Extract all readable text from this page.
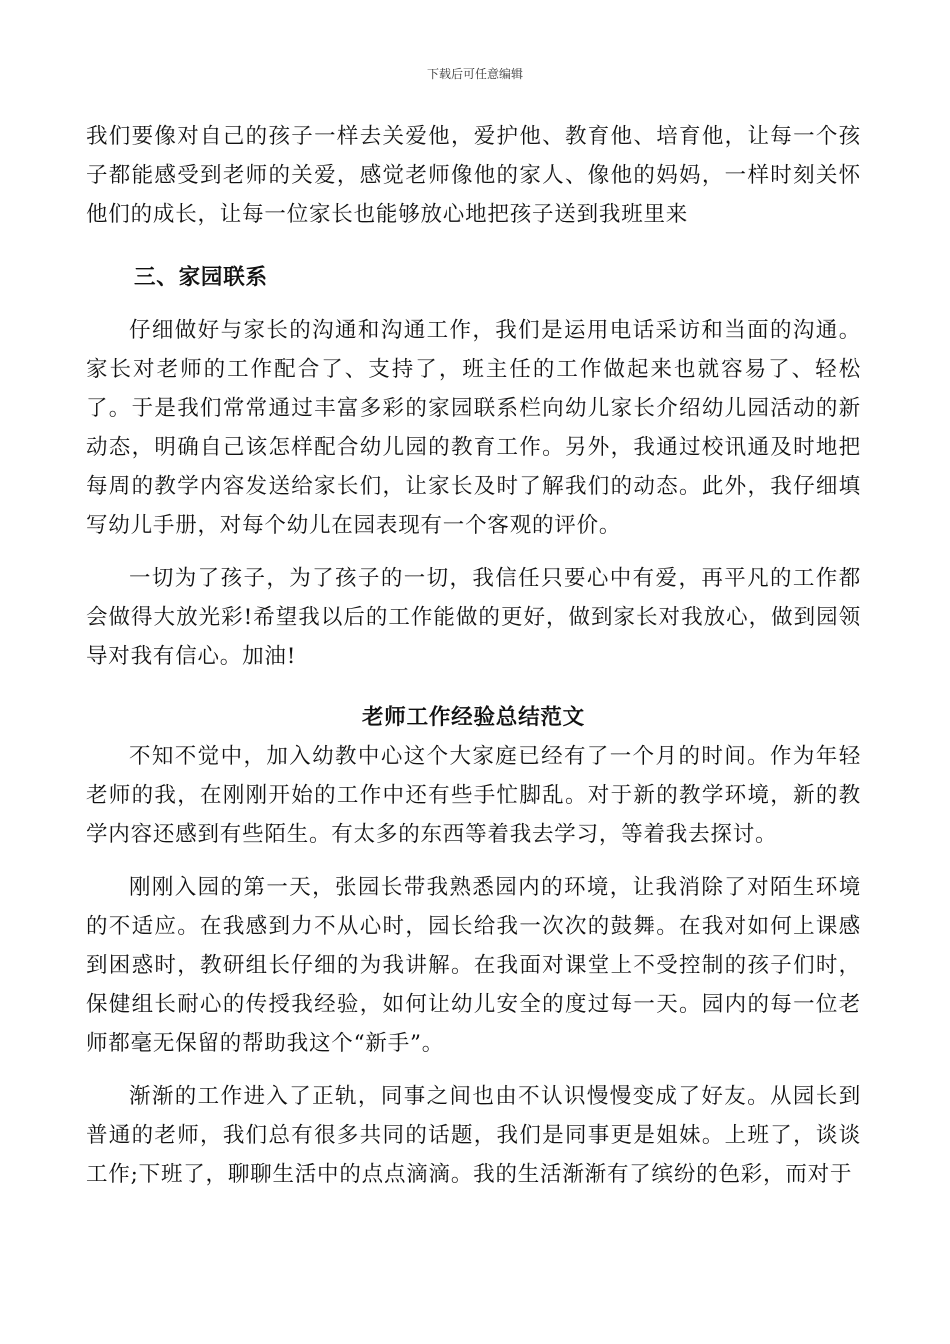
下载后可任意编辑

我们要像对自己的孩子一样去关爱他，爱护他、教育他、培育他，让每一个孩子都能感受到老师的关爱，感觉老师像他的家人、像他的妈妈，一样时刻关怀他们的成长，让每一位家长也能够放心地把孩子送到我班里来

三、家园联系

仔细做好与家长的沟通和沟通工作，我们是运用电话采访和当面的沟通。家长对老师的工作配合了、支持了，班主任的工作做起来也就容易了、轻松了。于是我们常常通过丰富多彩的家园联系栏向幼儿家长介绍幼儿园活动的新动态，明确自己该怎样配合幼儿园的教育工作。另外，我通过校讯通及时地把每周的教学内容发送给家长们，让家长及时了解我们的动态。此外，我仔细填写幼儿手册，对每个幼儿在园表现有一个客观的评价。

一切为了孩子，为了孩子的一切，我信任只要心中有爱，再平凡的工作都会做得大放光彩!希望我以后的工作能做的更好，做到家长对我放心，做到园领导对我有信心。加油!

老师工作经验总结范文

不知不觉中，加入幼教中心这个大家庭已经有了一个月的时间。作为年轻老师的我，在刚刚开始的工作中还有些手忙脚乱。对于新的教学环境，新的教学内容还感到有些陌生。有太多的东西等着我去学习，等着我去探讨。

刚刚入园的第一天，张园长带我熟悉园内的环境，让我消除了对陌生环境的不适应。在我感到力不从心时，园长给我一次次的鼓舞。在我对如何上课感到困惑时，教研组长仔细的为我讲解。在我面对课堂上不受控制的孩子们时，保健组长耐心的传授我经验，如何让幼儿安全的度过每一天。园内的每一位老师都毫无保留的帮助我这个“新手”。

渐渐的工作进入了正轨，同事之间也由不认识慢慢变成了好友。从园长到普通的老师，我们总有很多共同的话题，我们是同事更是姐妹。上班了，谈谈工作;下班了，聊聊生活中的点点滴滴。我的生活渐渐有了缤纷的色彩，而对于
